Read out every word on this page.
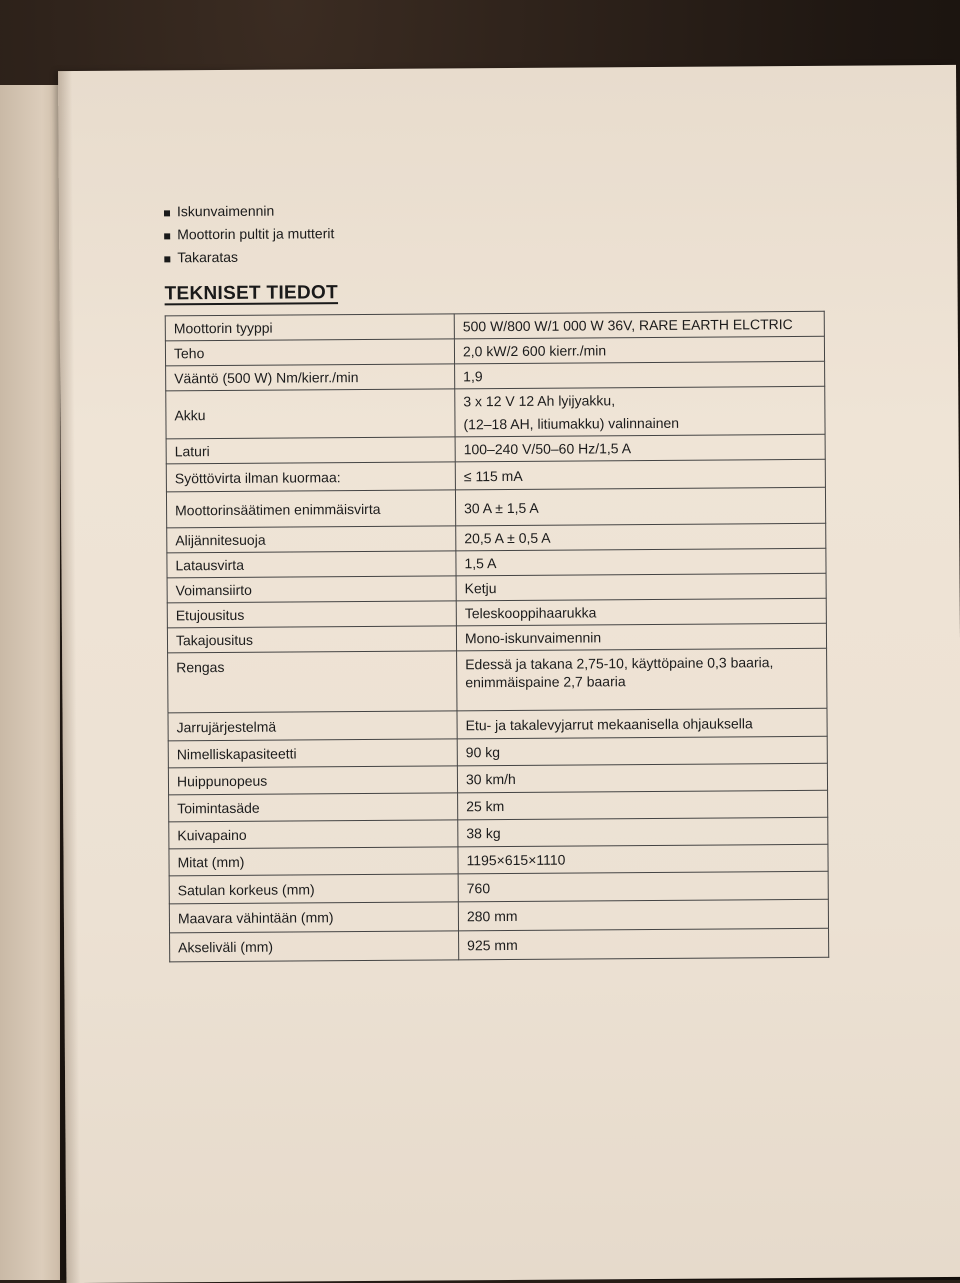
Iskunvaimennin
Moottorin pultit ja mutterit
Takaratas
TEKNISET TIEDOT
Moottorin tyyppi	500 W/800 W/1 000 W 36V, RARE EARTH ELCTRIC
Teho	2,0 kW/2 600 kierr./min
Vääntö (500 W) Nm/kierr./min	1,9
Akku	3 x 12 V 12 Ah lyijyakku,
(12–18 AH, litiumakku) valinnainen

Laturi	100–240 V/50–60 Hz/1,5 A
Syöttövirta ilman kuormaa:	≤ 115 mA
Moottorinsäätimen enimmäisvirta	30 A ± 1,5 A
Alijännitesuoja	20,5 A ± 0,5 A
Latausvirta	1,5 A
Voimansiirto	Ketju
Etujousitus	Teleskooppihaarukka
Takajousitus	Mono-iskunvaimennin
Rengas	Edessä ja takana 2,75-10, käyttöpaine 0,3 baaria,
enimmäispaine 2,7 baaria

Jarrujärjestelmä	Etu- ja takalevyjarrut mekaanisella ohjauksella
Nimelliskapasiteetti	90 kg
Huippunopeus	30 km/h
Toimintasäde	25 km
Kuivapaino	38 kg
Mitat (mm)	1195×615×1110
Satulan korkeus (mm)	760
Maavara vähintään (mm)	280 mm
Akseliväli (mm)	925 mm
